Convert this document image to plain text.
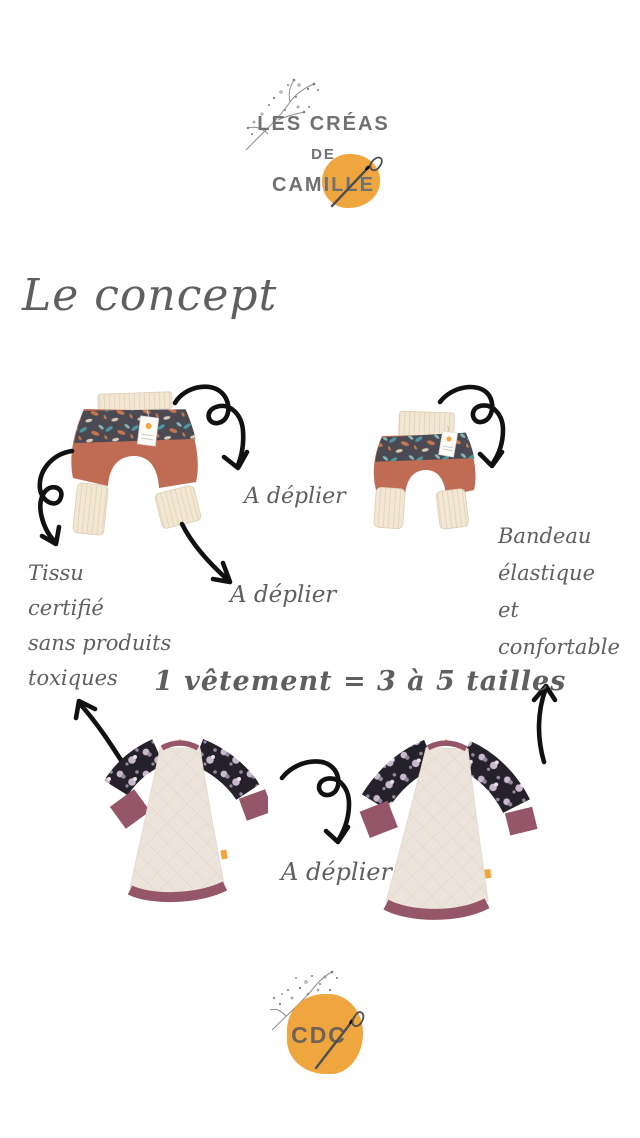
LES CRÉAS
DE
CAMILLE
Le concept
A déplier
A déplier
A déplier
Tissu
certifié
sans produits
toxiques
Bandeau
élastique
et
confortable
1 vêtement = 3 à 5 tailles
CDC
